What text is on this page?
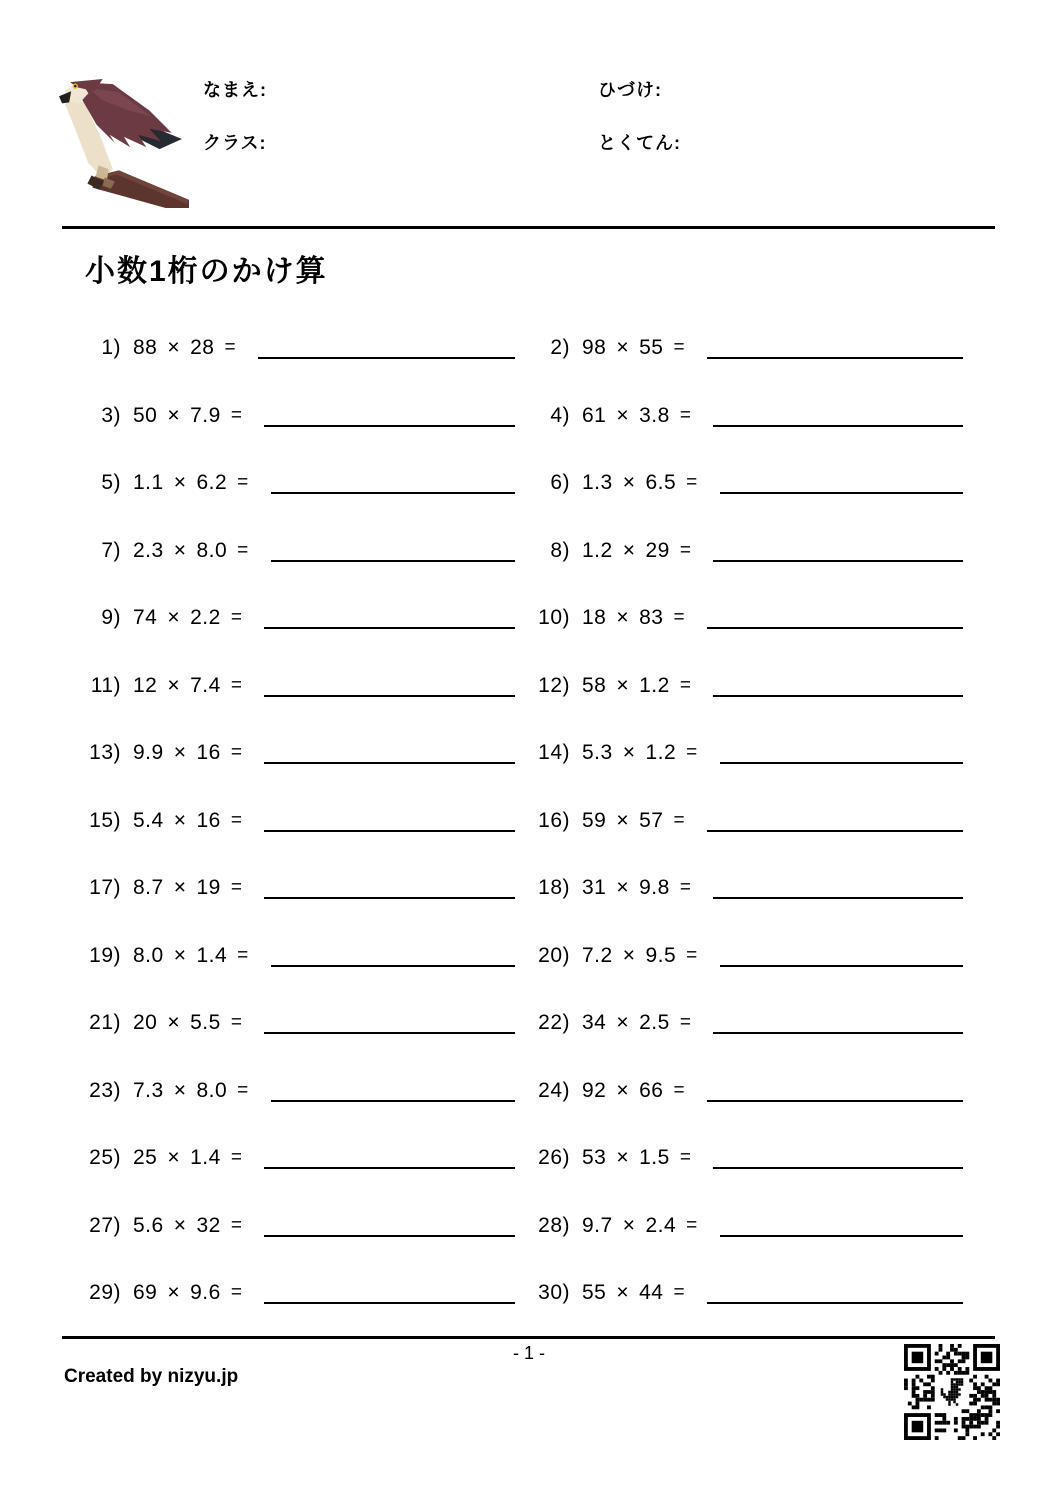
なまえ:	ひづけ:
クラス:	とくてん:
小数1桁のかけ算
1) 88 × 28 =	2) 98 × 55 =
3) 50 × 7.9 =	4) 61 × 3.8 =
5) 1.1 × 6.2 =	6) 1.3 × 6.5 =
7) 2.3 × 8.0 =	8) 1.2 × 29 =
9) 74 × 2.2 =	10) 18 × 83 =
11) 12 × 7.4 =	12) 58 × 1.2 =
13) 9.9 × 16 =	14) 5.3 × 1.2 =
15) 5.4 × 16 =	16) 59 × 57 =
17) 8.7 × 19 =	18) 31 × 9.8 =
19) 8.0 × 1.4 =	20) 7.2 × 9.5 =
21) 20 × 5.5 =	22) 34 × 2.5 =
23) 7.3 × 8.0 =	24) 92 × 66 =
25) 25 × 1.4 =	26) 53 × 1.5 =
27) 5.6 × 32 =	28) 9.7 × 2.4 =
29) 69 × 9.6 =	30) 55 × 44 =
- 1 -
Created by nizyu.jp
